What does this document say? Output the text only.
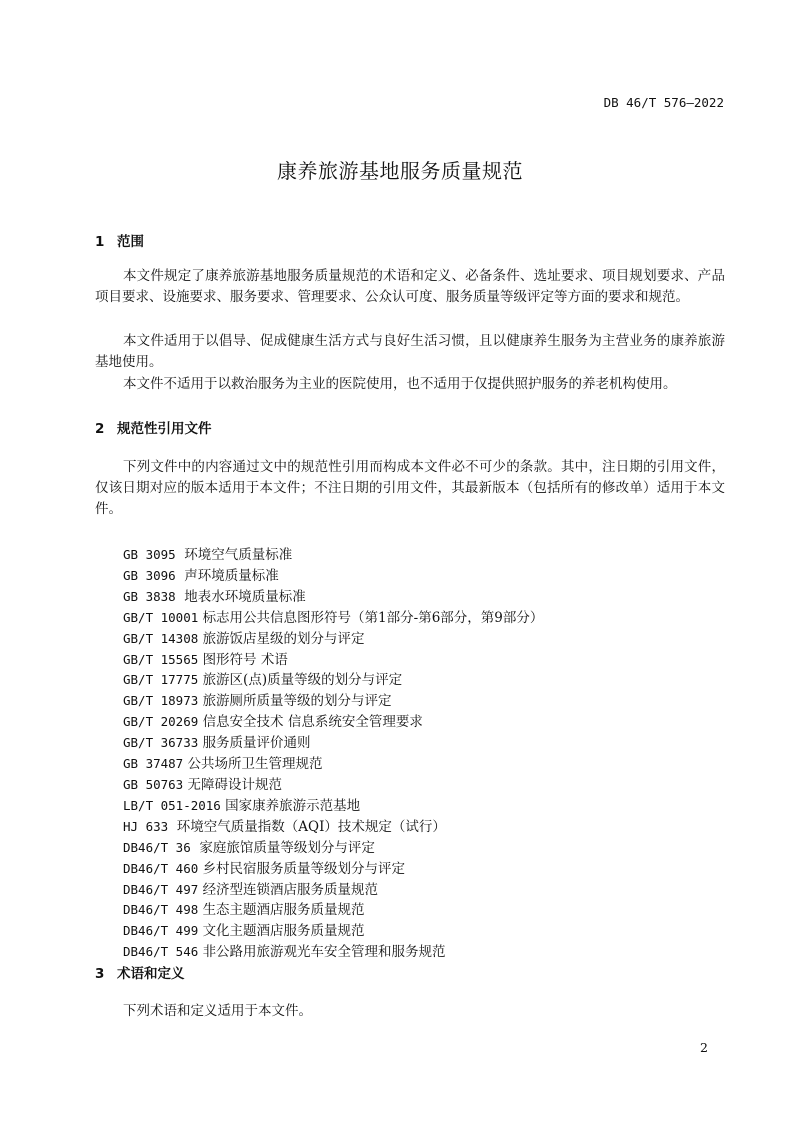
DB 46/T 576—2022
康养旅游基地服务质量规范
1 范围
本文件规定了康养旅游基地服务质量规范的术语和定义、必备条件、选址要求、项目规划要求、产品项目要求、设施要求、服务要求、管理要求、公众认可度、服务质量等级评定等方面的要求和规范。
本文件适用于以倡导、促成健康生活方式与良好生活习惯，且以健康养生服务为主营业务的康养旅游基地使用。
本文件不适用于以救治服务为主业的医院使用，也不适用于仅提供照护服务的养老机构使用。
2 规范性引用文件
下列文件中的内容通过文中的规范性引用而构成本文件必不可少的条款。其中，注日期的引用文件，仅该日期对应的版本适用于本文件；不注日期的引用文件，其最新版本（包括所有的修改单）适用于本文件。
GB 3095 环境空气质量标准
GB 3096 声环境质量标准
GB 3838 地表水环境质量标准
GB/T 10001 标志用公共信息图形符号（第1部分-第6部分，第9部分）
GB/T 14308 旅游饭店星级的划分与评定
GB/T 15565 图形符号 术语
GB/T 17775 旅游区(点)质量等级的划分与评定
GB/T 18973 旅游厕所质量等级的划分与评定
GB/T 20269 信息安全技术 信息系统安全管理要求
GB/T 36733 服务质量评价通则
GB 37487 公共场所卫生管理规范
GB 50763 无障碍设计规范
LB/T 051-2016 国家康养旅游示范基地
HJ 633 环境空气质量指数（AQI）技术规定（试行）
DB46/T 36 家庭旅馆质量等级划分与评定
DB46/T 460 乡村民宿服务质量等级划分与评定
DB46/T 497 经济型连锁酒店服务质量规范
DB46/T 498 生态主题酒店服务质量规范
DB46/T 499 文化主题酒店服务质量规范
DB46/T 546 非公路用旅游观光车安全管理和服务规范
3 术语和定义
下列术语和定义适用于本文件。
2
